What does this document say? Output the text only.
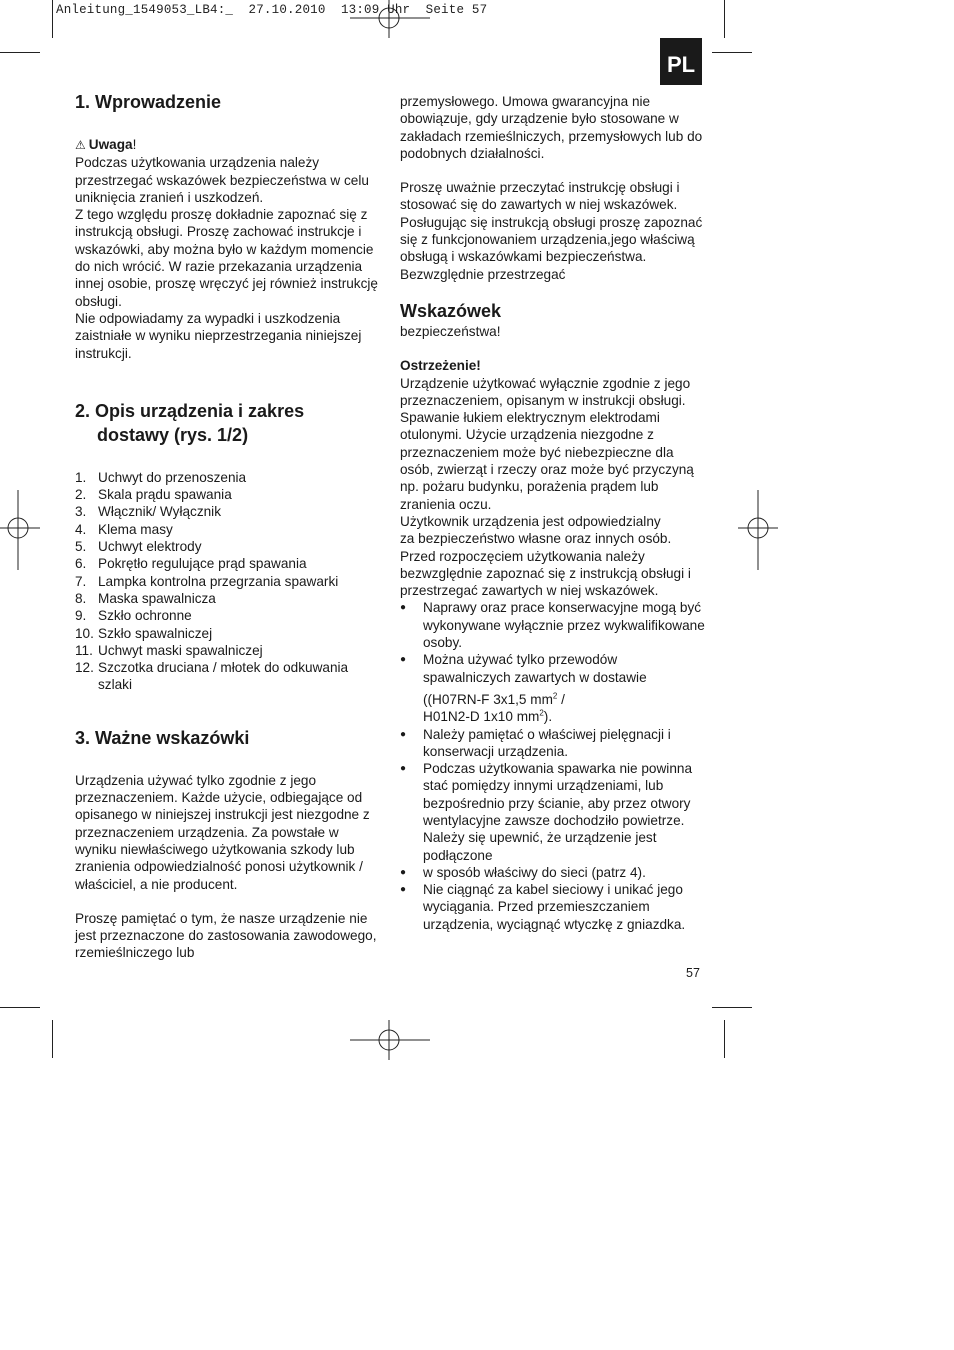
Anleitung_1549053_LB4:_  27.10.2010  13:09 Uhr  Seite 57
PL
1. Wprowadzenie

⚠ Uwaga!

Podczas użytkowania urządzenia należy przestrzegać wskazówek bezpieczeństwa w celu uniknięcia zranień i uszkodzeń.
Z tego względu proszę dokładnie zapoznać się z instrukcją obsługi. Proszę zachować instrukcje i wskazówki, aby można było w każdym momencie do nich wrócić. W razie przekazania urządzenia innej osobie, proszę wręczyć jej również instrukcję obsługi.
Nie odpowiadamy za wypadki i uszkodzenia zaistniałe w wyniku nieprzestrzegania niniejszej instrukcji.

2. Opis urządzenia i zakres
dostawy (rys. 1/2)
1. Uchwyt do przenoszenia
2. Skala prądu spawania
3. Włącznik/ Wyłącznik
4. Klema masy
5. Uchwyt elektrody
6. Pokrętło regulujące prąd spawania
7. Lampka kontrolna przegrzania spawarki
8. Maska spawalnicza
9. Szkło ochronne
10. Szkło spawalniczej
11. Uchwyt maski spawalniczej
12. Szczotka druciana / młotek do odkuwania szlaki
3. Ważne wskazówki

Urządzenia używać tylko zgodnie z jego przeznaczeniem. Każde użycie, odbiegające od opisanego w niniejszej instrukcji jest niezgodne z przeznaczeniem urządzenia. Za powstałe w wyniku niewłaściwego użytkowania szkody lub zranienia odpowiedzialność ponosi użytkownik / właściciel, a nie producent.

Proszę pamiętać o tym, że nasze urządzenie nie jest przeznaczone do zastosowania zawodowego, rzemieślniczego lub

przemysłowego. Umowa gwarancyjna nie obowiązuje, gdy urządzenie było stosowane w zakładach rzemieślniczych, przemysłowych lub do podobnych działalności.

Proszę uważnie przeczytać instrukcję obsługi i stosować się do zawartych w niej wskazówek. Posługując się instrukcją obsługi proszę zapoznać się z funkcjonowaniem urządzenia,jego właściwą obsługą i wskazówkami bezpieczeństwa. Bezwzględnie przestrzegać

Wskazówek

bezpieczeństwa!

Ostrzeżenie!

Urządzenie użytkować wyłącznie zgodnie z jego przeznaczeniem, opisanym w instrukcji obsługi. Spawanie łukiem elektrycznym elektrodami otulonymi. Użycie urządzenia niezgodne z przeznaczeniem może być niebezpieczne dla osób, zwierząt i rzeczy oraz może być przyczyną np. pożaru budynku, porażenia prądem lub zranienia oczu.
Użytkownik urządzenia jest odpowiedzialny
za bezpieczeństwo własne oraz innych osób.
Przed rozpoczęciem użytkowania należy bezwzględnie zapoznać się z instrukcją obsługi i przestrzegać zawartych w niej wskazówek.

●	Naprawy oraz prace konserwacyjne mogą być wykonywane wyłącznie przez wykwalifikowane osoby.
●	Można używać tylko przewodów spawalniczych zawartych w dostawie
((H07RN-F 3x1,5 $mm^2$ /
H01N2-D 1x10 $mm^2$).
●	Należy pamiętać o właściwej pielęgnacji i konserwacji urządzenia.
●	Podczas użytkowania spawarka nie powinna stać pomiędzy innymi urządzeniami, lub bezpośrednio przy ścianie, aby przez otwory wentylacyjne zawsze dochodziło powietrze. Należy się upewnić, że urządzenie jest podłączone
●	w sposób właściwy do sieci (patrz 4).
●	Nie ciągnąć za kabel sieciowy i unikać jego wyciągania. Przed przemieszczaniem urządzenia, wyciągnąć wtyczkę z gniazdka.
57
